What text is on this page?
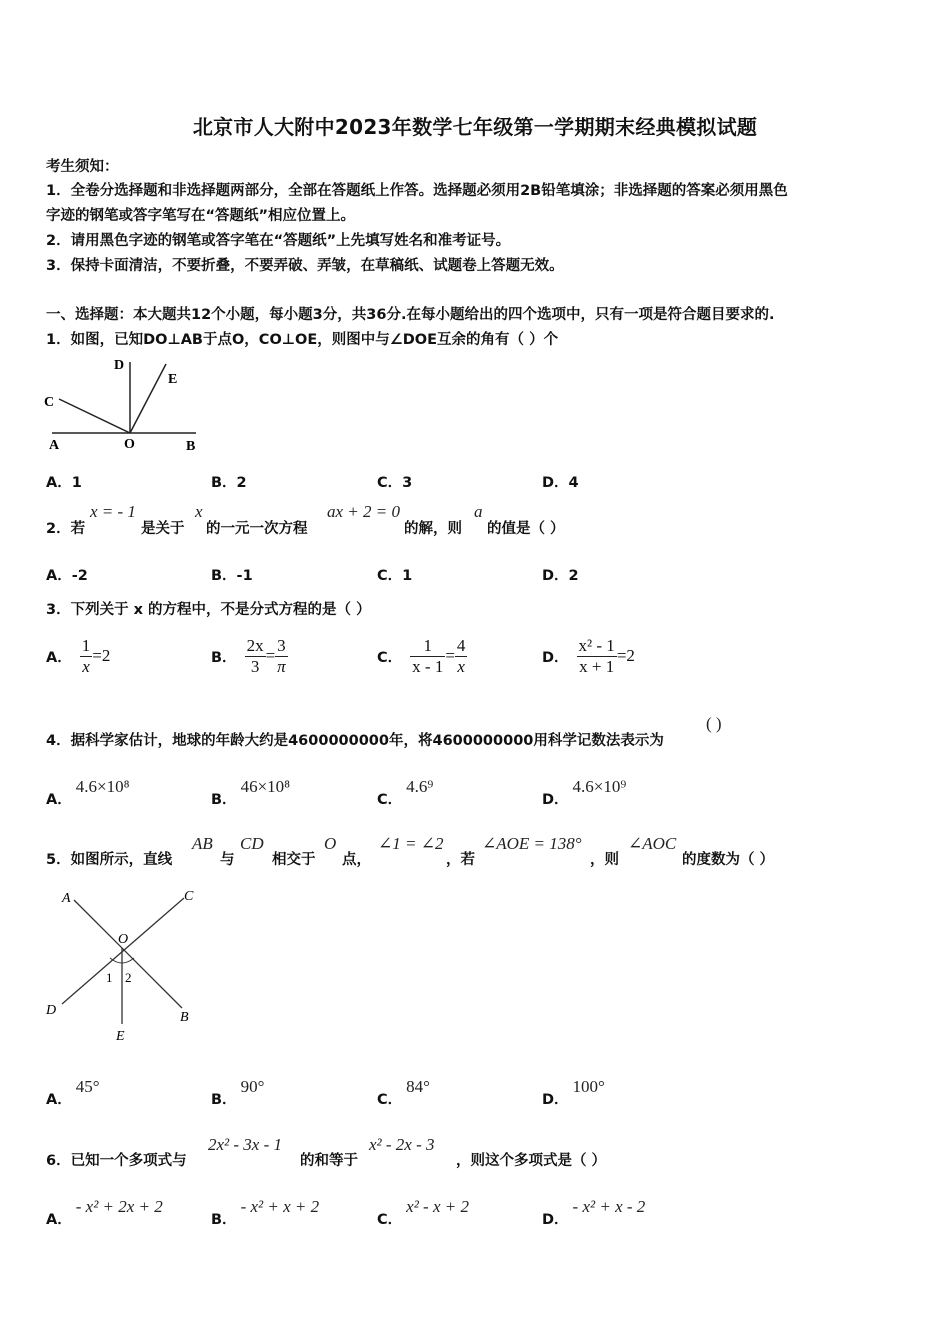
北京市人大附中2023年数学七年级第一学期期末经典模拟试题
考生须知：
1．全卷分选择题和非选择题两部分，全部在答题纸上作答。选择题必须用2B铅笔填涂；非选择题的答案必须用黑色
字迹的钢笔或答字笔写在“答题纸”相应位置上。
2．请用黑色字迹的钢笔或答字笔在“答题纸”上先填写姓名和准考证号。
3．保持卡面清洁，不要折叠，不要弄破、弄皱，在草稿纸、试题卷上答题无效。
一、选择题：本大题共12个小题，每小题3分，共36分.在每小题给出的四个选项中，只有一项是符合题目要求的.
1．如图，已知DO⊥AB于点O，CO⊥OE，则图中与∠DOE互余的角有（ ）个
D
E
C
A	O	B
A．1	B．2	C．3	D．4
2．若
x = - 1
是关于
x
的一元一次方程
ax + 2 = 0
的解，则
a
的值是（ ）
A．-2	B．-1	C．1	D．2
3．下列关于 x 的方程中，不是分式方程的是（ ）
A． $\frac{1}{x} =2$	B． $\frac{2x}{3} = \frac{3}{\pi}$	C． $\frac{1}{x - 1} = \frac{4}{x}$	D． $\frac{\text{x² - 1}}{x + 1} =2$
4．据科学家估计，地球的年龄大约是4600000000年，将4600000000用科学记数法表示为
( )
A．4.6×10⁸
B．46×10⁸
C．4.6⁹
D．4.6×10⁹
5．如图所示，直线
AB
与
CD
相交于
O
点，
∠1 = ∠2
，若
∠AOE = 138°
，则
∠AOC
的度数为（ ）
A	C
O
1 2
D	B
E
A．45°
B．90°
C．84°
D．100°
6．已知一个多项式与
2x² - 3x - 1
的和等于
x² - 2x - 3
，则这个多项式是（ ）
A．- x² + 2x + 2
B．- x² + x + 2
C．x² - x + 2
D．- x² + x - 2
